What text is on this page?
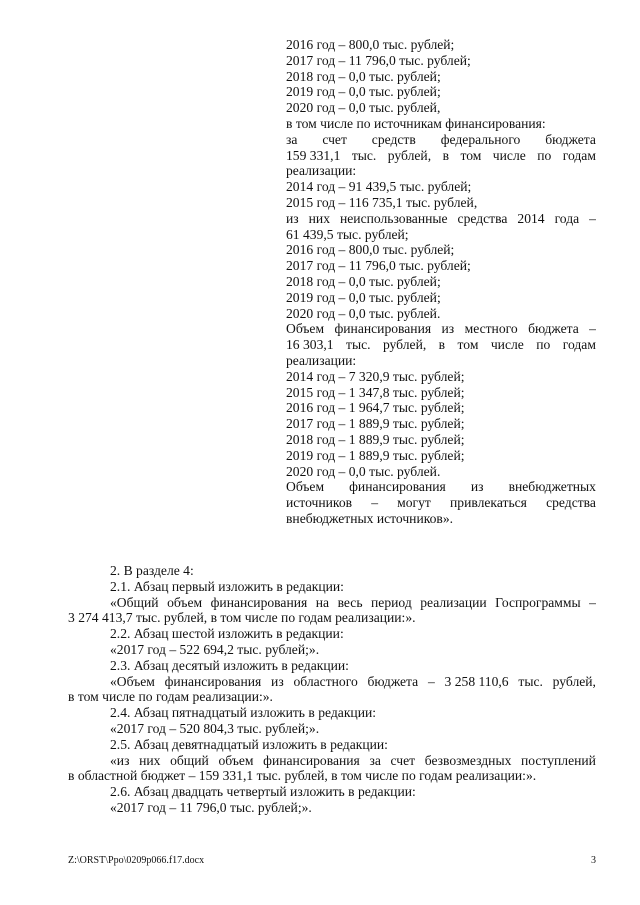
2016 год – 800,0 тыс. рублей;
2017 год – 11 796,0 тыс. рублей;
2018 год – 0,0 тыс. рублей;
2019 год – 0,0 тыс. рублей;
2020 год – 0,0 тыс. рублей,
в том числе по источникам финансирования:
за счет средств федерального бюджета
159 331,1 тыс. рублей, в том числе по годам
реализации:
2014 год – 91 439,5 тыс. рублей;
2015 год – 116 735,1 тыс. рублей,
из них неиспользованные средства 2014 года –
61 439,5 тыс. рублей;
2016 год – 800,0 тыс. рублей;
2017 год – 11 796,0 тыс. рублей;
2018 год – 0,0 тыс. рублей;
2019 год – 0,0 тыс. рублей;
2020 год – 0,0 тыс. рублей.
Объем финансирования из местного бюджета –
16 303,1 тыс. рублей, в том числе по годам
реализации:
2014 год – 7 320,9 тыс. рублей;
2015 год – 1 347,8 тыс. рублей;
2016 год – 1 964,7 тыс. рублей;
2017 год – 1 889,9 тыс. рублей;
2018 год – 1 889,9 тыс. рублей;
2019 год – 1 889,9 тыс. рублей;
2020 год – 0,0 тыс. рублей.
Объем финансирования из внебюджетных
источников – могут привлекаться средства
внебюджетных источников».
2. В разделе 4:
2.1. Абзац первый изложить в редакции:
«Общий объем финансирования на весь период реализации Госпрограммы –
3 274 413,7 тыс. рублей, в том числе по годам реализации:».
2.2. Абзац шестой изложить в редакции:
«2017 год – 522 694,2 тыс. рублей;».
2.3. Абзац десятый изложить в редакции:
«Объем финансирования из областного бюджета – 3 258 110,6 тыс. рублей,
в том числе по годам реализации:».
2.4. Абзац пятнадцатый изложить в редакции:
«2017 год – 520 804,3 тыс. рублей;».
2.5. Абзац девятнадцатый изложить в редакции:
«из них общий объем финансирования за счет безвозмездных поступлений
в областной бюджет – 159 331,1 тыс. рублей, в том числе по годам реализации:».
2.6. Абзац двадцать четвертый изложить в редакции:
«2017 год – 11 796,0 тыс. рублей;».
Z:\ORST\Ppo\0209p066.f17.docx	3
